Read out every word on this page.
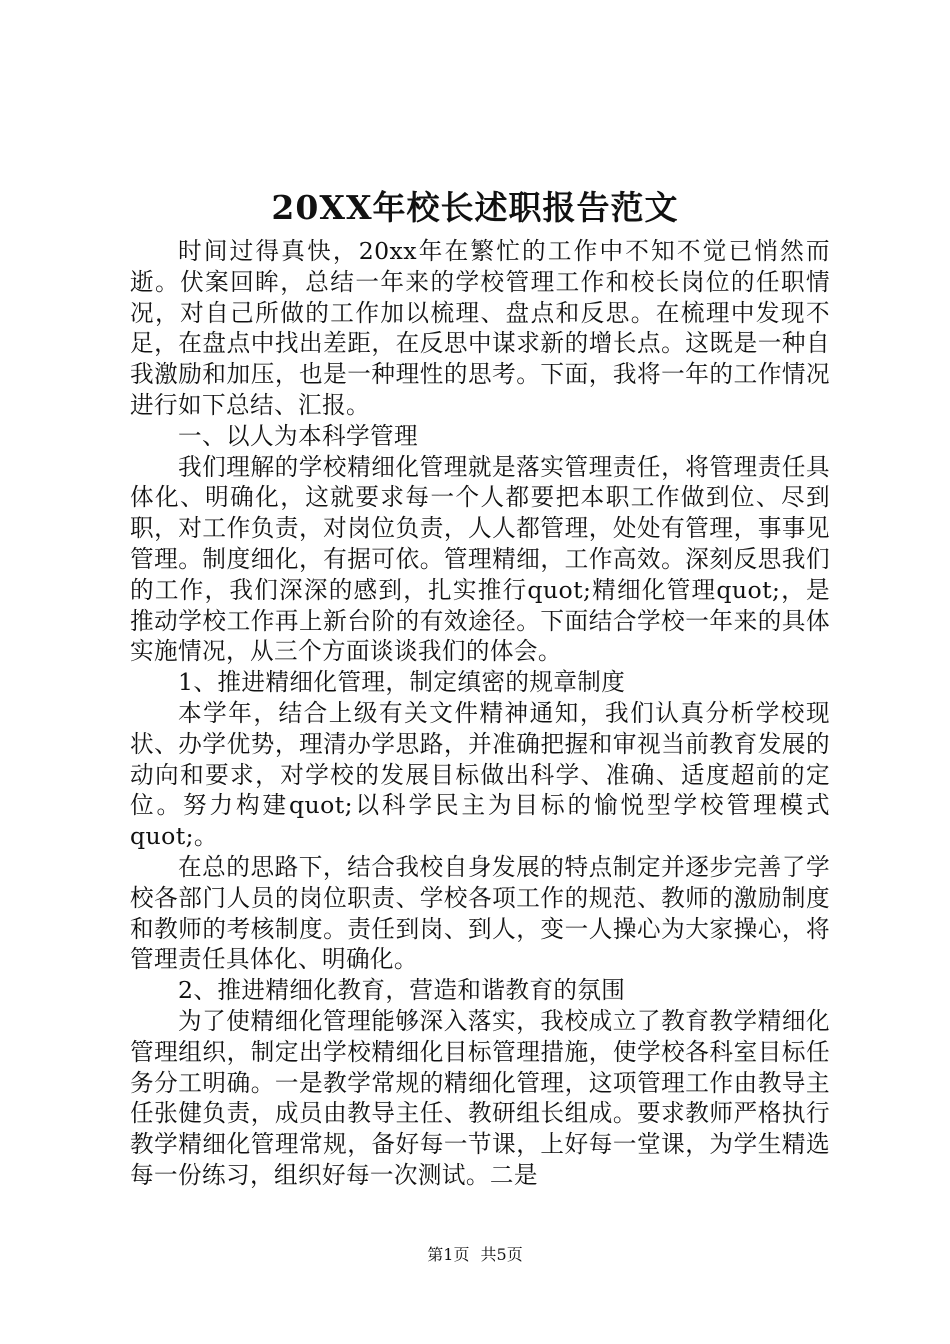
20XX年校长述职报告范文

时间过得真快，20xx年在繁忙的工作中不知不觉已悄然而逝。伏案回眸，总结一年来的学校管理工作和校长岗位的任职情况，对自己所做的工作加以梳理、盘点和反思。在梳理中发现不足，在盘点中找出差距，在反思中谋求新的增长点。这既是一种自我激励和加压，也是一种理性的思考。下面，我将一年的工作情况进行如下总结、汇报。

一、以人为本科学管理

我们理解的学校精细化管理就是落实管理责任，将管理责任具体化、明确化，这就要求每一个人都要把本职工作做到位、尽到职，对工作负责，对岗位负责，人人都管理，处处有管理，事事见管理。制度细化，有据可依。管理精细，工作高效。深刻反思我们的工作，我们深深的感到，扎实推行quot;精细化管理quot;，是推动学校工作再上新台阶的有效途径。下面结合学校一年来的具体实施情况，从三个方面谈谈我们的体会。

1、推进精细化管理，制定缜密的规章制度

本学年，结合上级有关文件精神通知，我们认真分析学校现状、办学优势，理清办学思路，并准确把握和审视当前教育发展的动向和要求，对学校的发展目标做出科学、准确、适度超前的定位。努力构建quot;以科学民主为目标的愉悦型学校管理模式quot;。

在总的思路下，结合我校自身发展的特点制定并逐步完善了学校各部门人员的岗位职责、学校各项工作的规范、教师的激励制度和教师的考核制度。责任到岗、到人，变一人操心为大家操心，将管理责任具体化、明确化。

2、推进精细化教育，营造和谐教育的氛围

为了使精细化管理能够深入落实，我校成立了教育教学精细化管理组织，制定出学校精细化目标管理措施，使学校各科室目标任务分工明确。一是教学常规的精细化管理，这项管理工作由教导主任张健负责，成员由教导主任、教研组长组成。要求教师严格执行教学精细化管理常规，备好每一节课，上好每一堂课，为学生精选每一份练习，组织好每一次测试。二是

第1页 共5页
